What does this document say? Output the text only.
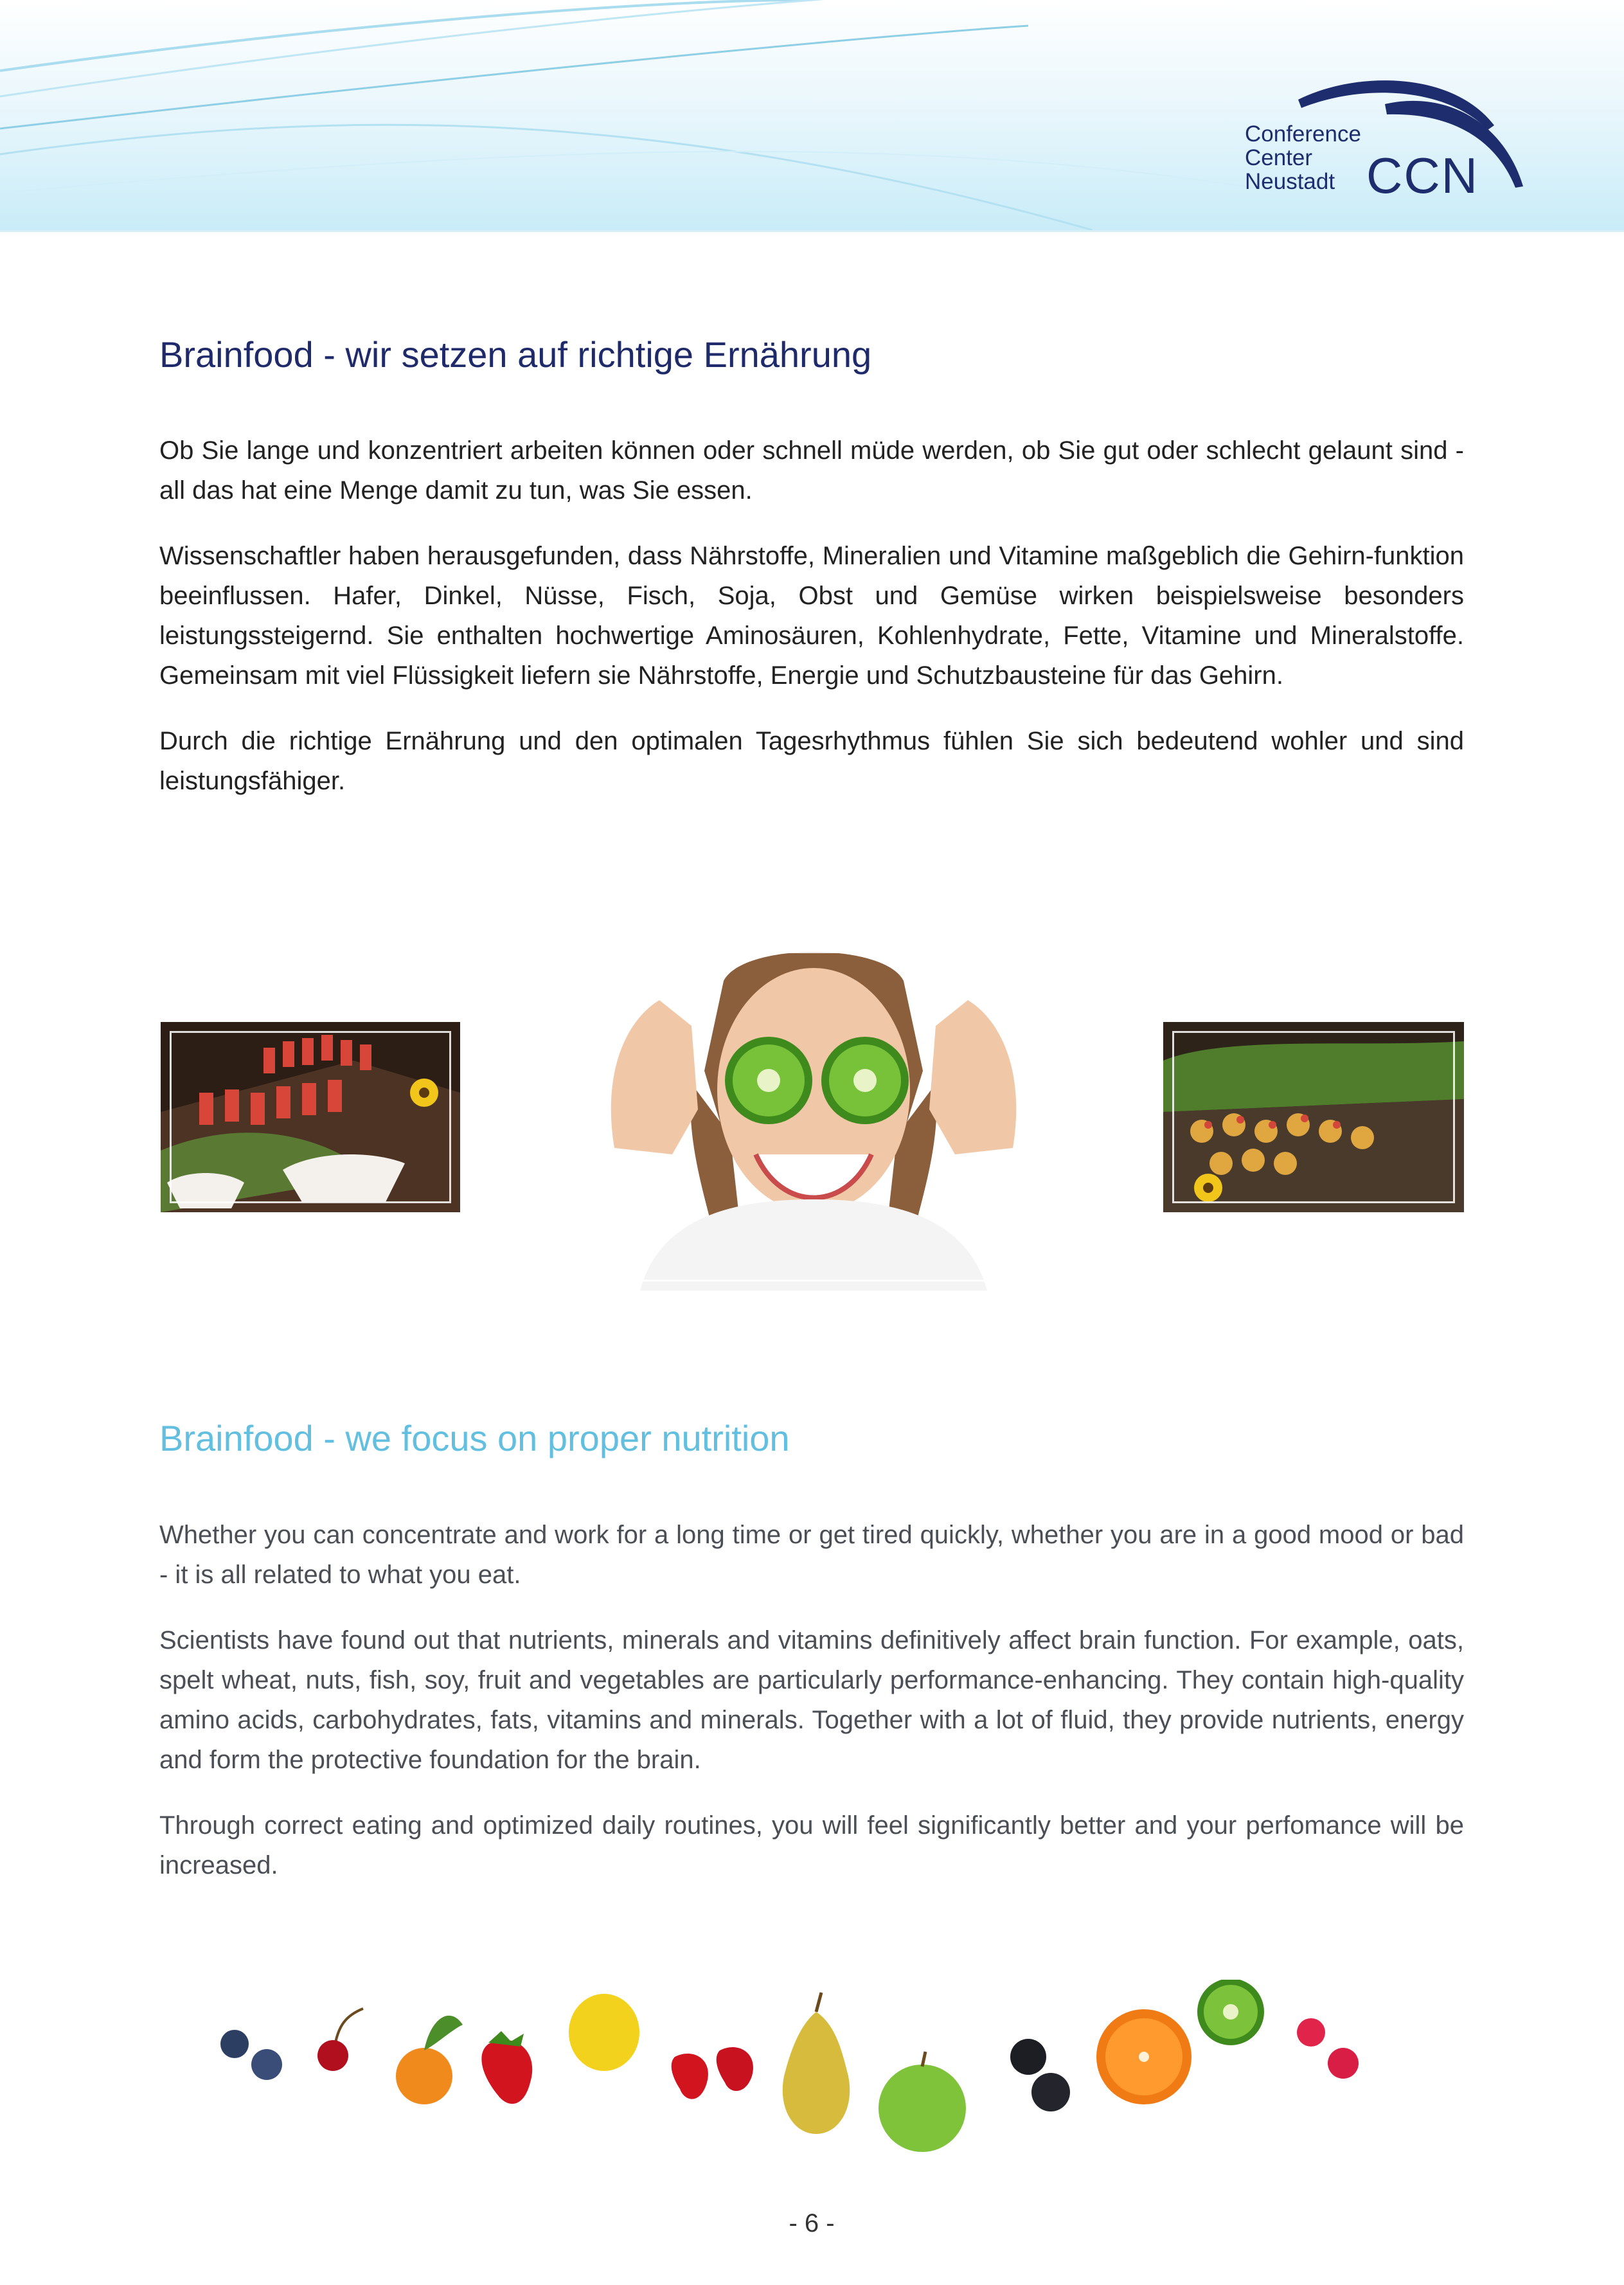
Conference
Center
Neustadt CCN
Brainfood - wir setzen auf richtige Ernährung

Ob Sie lange und konzentriert arbeiten können oder schnell müde werden, ob Sie gut oder schlecht gelaunt sind - all das hat eine Menge damit zu tun, was Sie essen.

Wissenschaftler haben herausgefunden, dass Nährstoffe, Mineralien und Vitamine maßgeblich die Gehirn-funktion beeinflussen. Hafer, Dinkel, Nüsse, Fisch, Soja, Obst und Gemüse wirken beispielsweise besonders leistungssteigernd. Sie enthalten hochwertige Aminosäuren, Kohlenhydrate, Fette, Vitamine und Mineralstoffe. Gemeinsam mit viel Flüssigkeit liefern sie Nährstoffe, Energie und Schutzbausteine für das Gehirn.

Durch die richtige Ernährung und den optimalen Tagesrhythmus fühlen Sie sich bedeutend wohler und sind leistungsfähiger.

Brainfood - we focus on proper nutrition

Whether you can concentrate and work for a long time or get tired quickly, whether you are in a good mood or bad - it is all related to what you eat.

Scientists have found out that nutrients, minerals and vitamins definitively affect brain function. For example, oats, spelt wheat, nuts, fish, soy, fruit and vegetables are particularly performance-enhancing. They contain high-quality amino acids, carbohydrates, fats, vitamins and minerals. Together with a lot of fluid, they provide nutrients, energy and form the protective foundation for the brain.

Through correct eating and optimized daily routines, you will feel significantly better and your perfomance will be increased.

- 6 -
